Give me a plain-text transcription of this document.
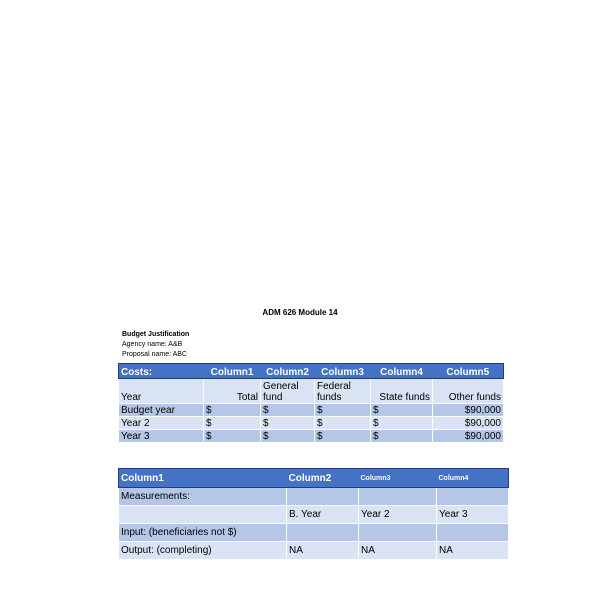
ADM 626 Module 14
Budget Justification
Agency name: A&B
Proposal name: ABC
Costs:	Column1	Column2	Column3	Column4	Column5
Year	Total	General fund	Federal funds	State funds	Other funds
Budget year	$	$	$	$	$90,000
Year 2	$	$	$	$	$90,000
Year 3	$	$	$	$	$90,000
Column1	Column2	Column3	Column4
Measurements:			
	B. Year	Year 2	Year 3
Input: (beneficiaries not $)			
Output: (completing)	NA	NA	NA
